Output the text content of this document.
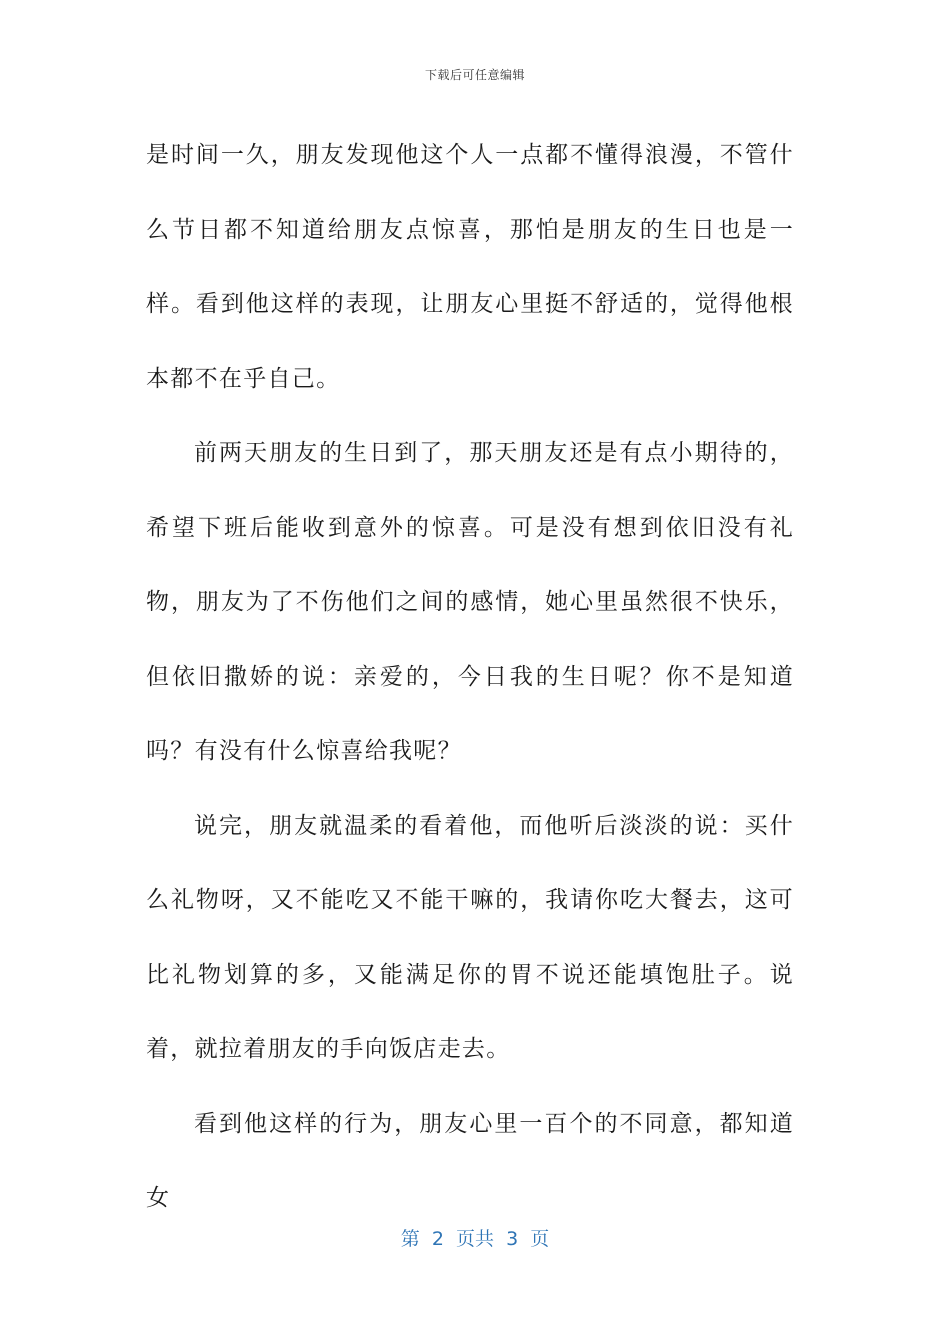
下载后可任意编辑

是时间一久，朋友发现他这个人一点都不懂得浪漫，不管什么节日都不知道给朋友点惊喜，那怕是朋友的生日也是一样。看到他这样的表现，让朋友心里挺不舒适的，觉得他根本都不在乎自己。

前两天朋友的生日到了，那天朋友还是有点小期待的，希望下班后能收到意外的惊喜。可是没有想到依旧没有礼物，朋友为了不伤他们之间的感情，她心里虽然很不快乐，但依旧撒娇的说：亲爱的，今日我的生日呢？你不是知道吗？有没有什么惊喜给我呢？

说完，朋友就温柔的看着他，而他听后淡淡的说：买什么礼物呀，又不能吃又不能干嘛的，我请你吃大餐去，这可比礼物划算的多，又能满足你的胃不说还能填饱肚子。说着，就拉着朋友的手向饭店走去。

看到他这样的行为，朋友心里一百个的不同意，都知道女

第  2  页共  3  页
